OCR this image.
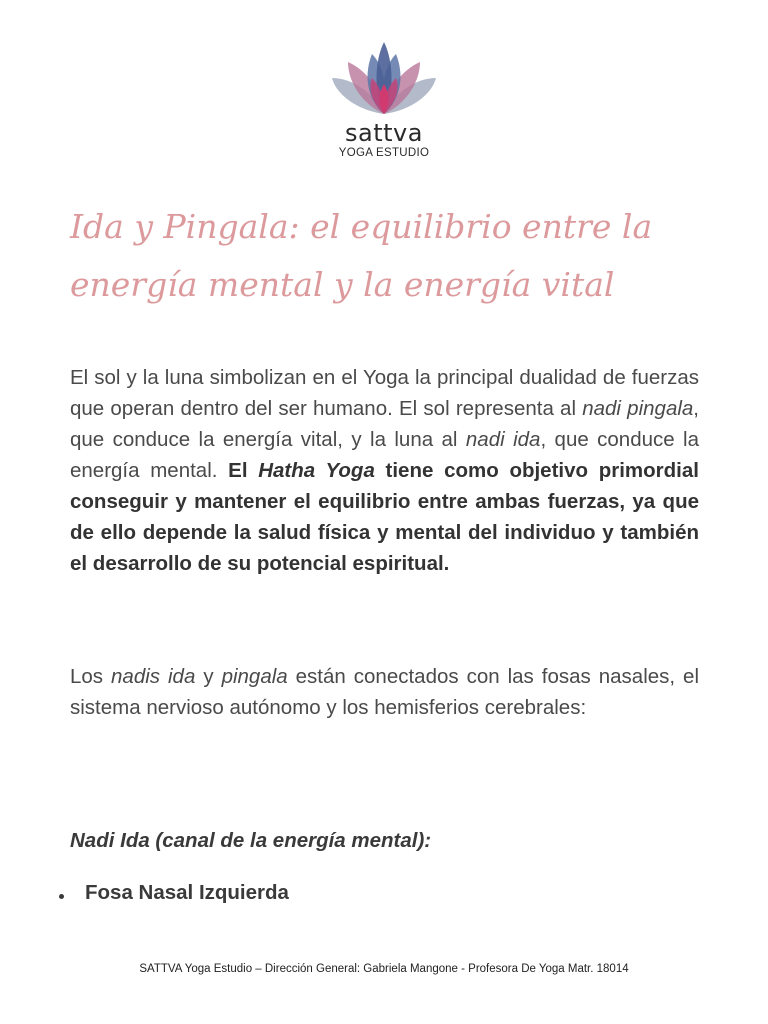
sattva
YOGA ESTUDIO
Ida y Pingala: el equilibrio entre la energía mental y la energía vital

El sol y la luna simbolizan en el Yoga la principal dualidad de fuerzas que operan dentro del ser humano. El sol representa al nadi pingala, que conduce la energía vital, y la luna al nadi ida, que conduce la energía mental. El Hatha Yoga tiene como objetivo primordial conseguir y mantener el equilibrio entre ambas fuerzas, ya que de ello depende la salud física y mental del individuo y también el desarrollo de su potencial espiritual.

Los nadis ida y pingala están conectados con las fosas nasales, el sistema nervioso autónomo y los hemisferios cerebrales:

Nadi Ida (canal de la energía mental):
Fosa Nasal Izquierda
SATTVA Yoga Estudio – Dirección General: Gabriela Mangone - Profesora De Yoga Matr. 18014
